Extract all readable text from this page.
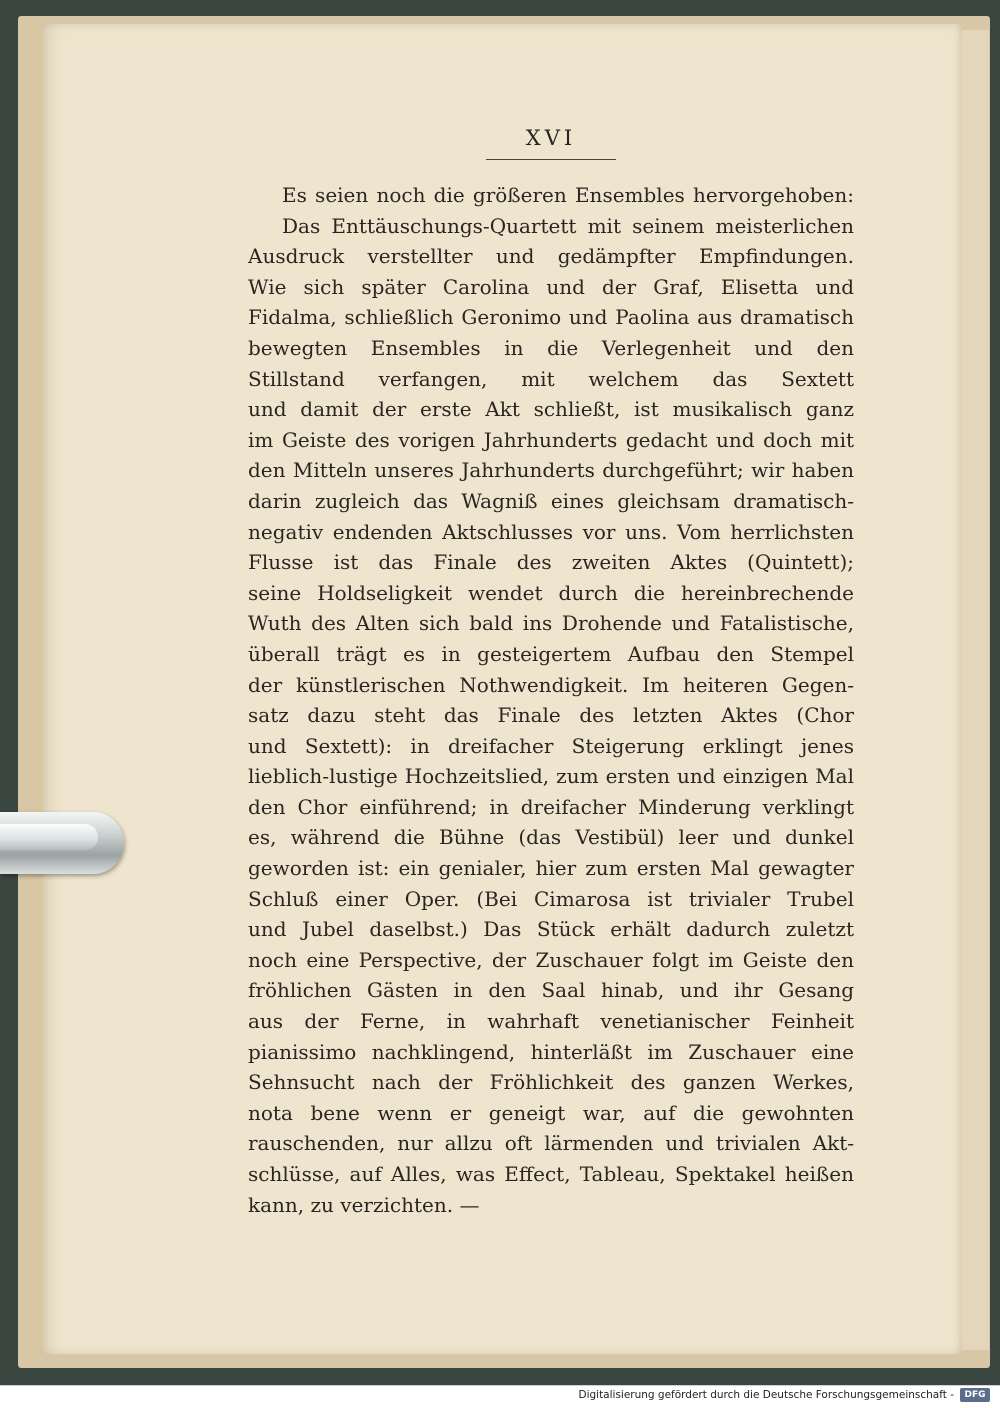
XVI
Es seien noch die größeren Ensembles hervorgehoben:
Das Enttäuschungs-Quartett mit seinem meisterlichen
Ausdruck verstellter und gedämpfter Empfindungen.
Wie sich später Carolina und der Graf, Elisetta und
Fidalma, schließlich Geronimo und Paolina aus dramatisch
bewegten Ensembles in die Verlegenheit und den
Stillstand verfangen, mit welchem das Sextett
und damit der erste Akt schließt, ist musikalisch ganz
im Geiste des vorigen Jahrhunderts gedacht und doch mit
den Mitteln unseres Jahrhunderts durchgeführt; wir haben
darin zugleich das Wagniß eines gleichsam dramatisch-
negativ endenden Aktschlusses vor uns. Vom herrlichsten
Flusse ist das Finale des zweiten Aktes (Quintett);
seine Holdseligkeit wendet durch die hereinbrechende
Wuth des Alten sich bald ins Drohende und Fatalistische,
überall trägt es in gesteigertem Aufbau den Stempel
der künstlerischen Nothwendigkeit. Im heiteren Gegen-
satz dazu steht das Finale des letzten Aktes (Chor
und Sextett): in dreifacher Steigerung erklingt jenes
lieblich-lustige Hochzeitslied, zum ersten und einzigen Mal
den Chor einführend; in dreifacher Minderung verklingt
es, während die Bühne (das Vestibül) leer und dunkel
geworden ist: ein genialer, hier zum ersten Mal gewagter
Schluß einer Oper. (Bei Cimarosa ist trivialer Trubel
und Jubel daselbst.) Das Stück erhält dadurch zuletzt
noch eine Perspective, der Zuschauer folgt im Geiste den
fröhlichen Gästen in den Saal hinab, und ihr Gesang
aus der Ferne, in wahrhaft venetianischer Feinheit
pianissimo nachklingend, hinterläßt im Zuschauer eine
Sehnsucht nach der Fröhlichkeit des ganzen Werkes,
nota bene wenn er geneigt war, auf die gewohnten
rauschenden, nur allzu oft lärmenden und trivialen Akt-
schlüsse, auf Alles, was Effect, Tableau, Spektakel heißen
kann, zu verzichten. —
Digitalisierung gefördert durch die Deutsche Forschungsgemeinschaft -	DFG
